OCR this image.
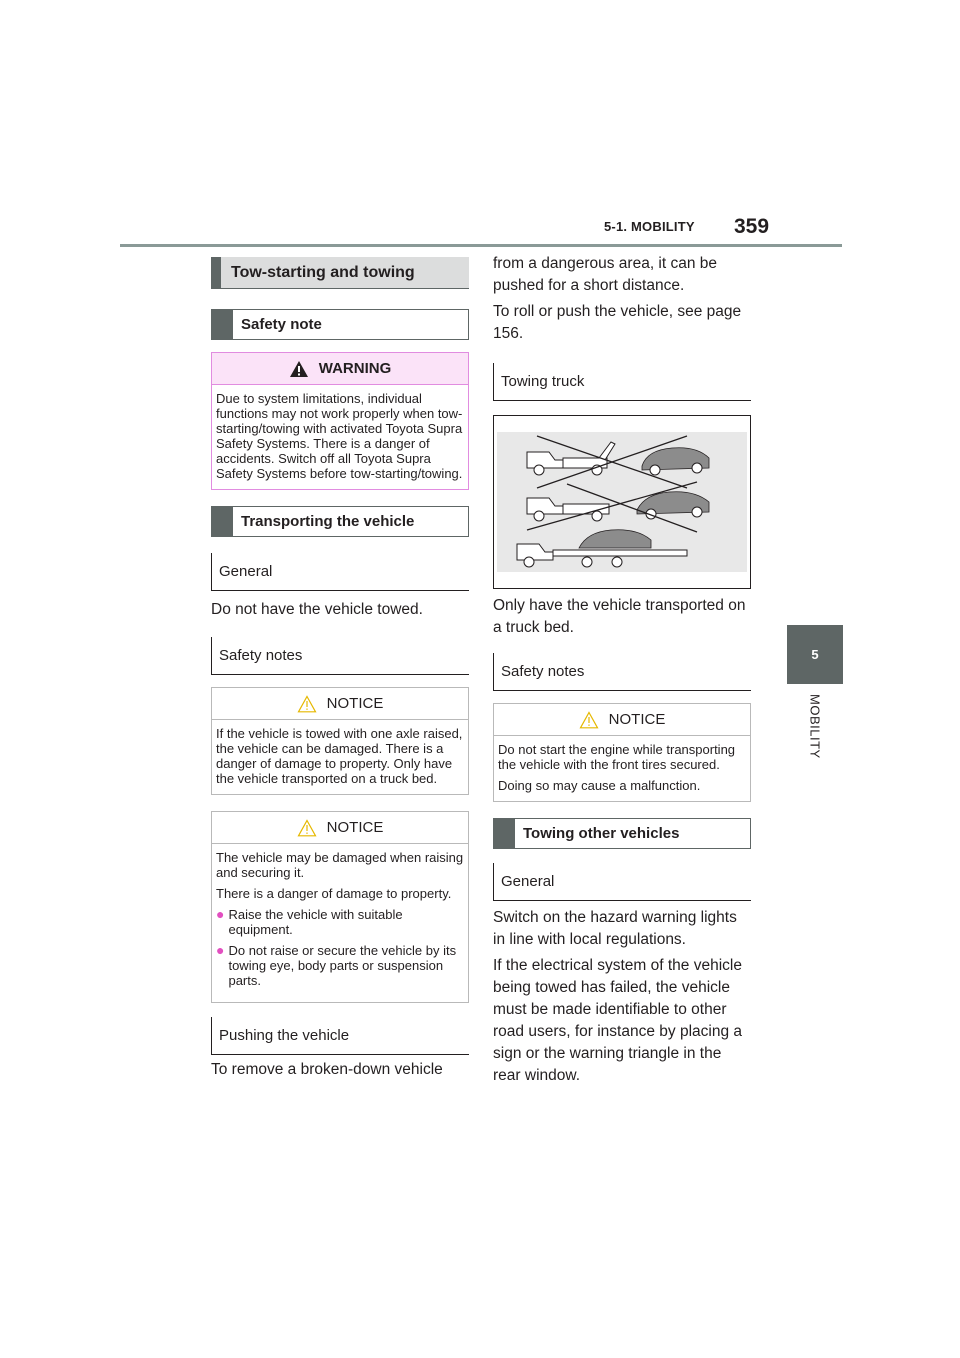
5-1. MOBILITY 359
5
MOBILITY
Tow-starting and towing
Safety note
WARNING

Due to system limitations, individual functions may not work properly when tow-starting/towing with activated Toyota Supra Safety Systems. There is a danger of accidents. Switch off all Toyota Supra Safety Systems before tow-starting/towing.

Transporting the vehicle
General
Do not have the vehicle towed.
Safety notes
NOTICE

If the vehicle is towed with one axle raised, the vehicle can be damaged. There is a danger of damage to property. Only have the vehicle transported on a truck bed.

NOTICE

The vehicle may be damaged when raising and securing it.

There is a danger of damage to property.

● Raise the vehicle with suitable equipment.
● Do not raise or secure the vehicle by its towing eye, body parts or suspension parts.
Pushing the vehicle
To remove a broken-down vehicle

from a dangerous area, it can be pushed for a short distance.

To roll or push the vehicle, see page 156.

Towing truck
Only have the vehicle transported on a truck bed.
Safety notes
NOTICE

Do not start the engine while transporting the vehicle with the front tires secured.

Doing so may cause a malfunction.

Towing other vehicles
General

Switch on the hazard warning lights in line with local regulations.

If the electrical system of the vehicle being towed has failed, the vehicle must be made identifiable to other road users, for instance by placing a sign or the warning triangle in the rear window.
